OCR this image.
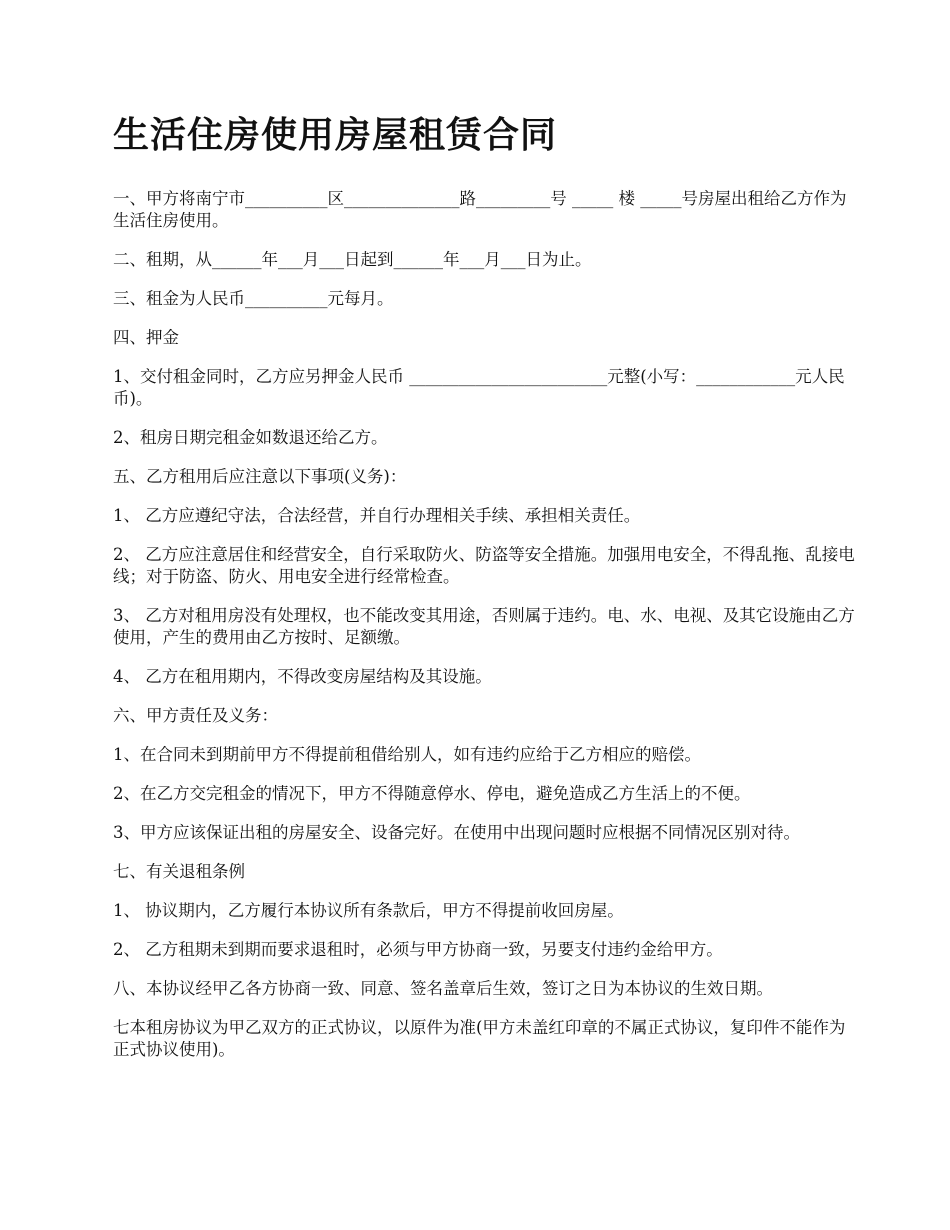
生活住房使用房屋租赁合同

一、甲方将南宁市__________区______________路_________号 _____ 楼 _____号房屋出租给乙方作为生活住房使用。

二、租期，从______年___月___日起到______年___月___日为止。

三、租金为人民币__________元每月。

四、押金

1、交付租金同时，乙方应另押金人民币 ________________________元整(小写：____________元人民币)。

2、租房日期完租金如数退还给乙方。

五、乙方租用后应注意以下事项(义务)：

1、 乙方应遵纪守法，合法经营，并自行办理相关手续、承担相关责任。

2、 乙方应注意居住和经营安全，自行采取防火、防盗等安全措施。加强用电安全，不得乱拖、乱接电线；对于防盗、防火、用电安全进行经常检查。

3、 乙方对租用房没有处理权，也不能改变其用途，否则属于违约。电、水、电视、及其它设施由乙方使用，产生的费用由乙方按时、足额缴。

4、 乙方在租用期内，不得改变房屋结构及其设施。

六、甲方责任及义务：

1、在合同未到期前甲方不得提前租借给别人，如有违约应给于乙方相应的赔偿。

2、在乙方交完租金的情况下，甲方不得随意停水、停电，避免造成乙方生活上的不便。

3、甲方应该保证出租的房屋安全、设备完好。在使用中出现问题时应根据不同情况区别对待。

七、有关退租条例

1、 协议期内，乙方履行本协议所有条款后，甲方不得提前收回房屋。

2、 乙方租期未到期而要求退租时，必须与甲方协商一致，另要支付违约金给甲方。

八、本协议经甲乙各方协商一致、同意、签名盖章后生效，签订之日为本协议的生效日期。

七本租房协议为甲乙双方的正式协议，以原件为准(甲方未盖红印章的不属正式协议，复印件不能作为正式协议使用)。
